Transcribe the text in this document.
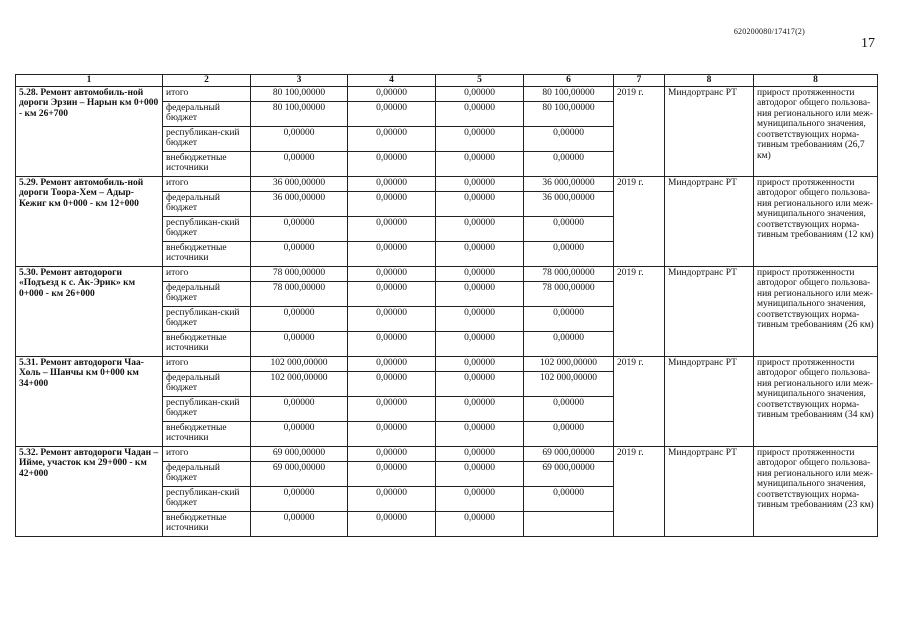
620200080/17417(2)
17
1	2	3	4	5	6	7	8	8
5.28. Ремонт автомобиль-ной дороги Эрзин – Нарын км 0+000 - км 26+700	итого	80 100,00000	0,00000	0,00000	80 100,00000	2019 г.	Миндортранс РТ	прирост протяженности автодорог общего пользова-ния регионального или меж-муниципального значения, соответствующих норма-тивным требованиям (26,7 км)
	федеральный бюджет	80 100,00000	0,00000	0,00000	80 100,00000			
	республикан-ский бюджет	0,00000	0,00000	0,00000	0,00000			
	внебюджетные источники	0,00000	0,00000	0,00000	0,00000			
5.29. Ремонт автомобиль-ной дороги Тоора-Хем – Адыр-Кежиг км 0+000 - км 12+000	итого	36 000,00000	0,00000	0,00000	36 000,00000	2019 г.	Миндортранс РТ	прирост протяженности автодорог общего пользова-ния регионального или меж-муниципального значения, соответствующих норма-тивным требованиям (12 км)
	федеральный бюджет	36 000,00000	0,00000	0,00000	36 000,00000			
	республикан-ский бюджет	0,00000	0,00000	0,00000	0,00000			
	внебюджетные источники	0,00000	0,00000	0,00000	0,00000			
5.30. Ремонт автодороги «Подъезд к с. Ак-Эрик» км 0+000 - км 26+000	итого	78 000,00000	0,00000	0,00000	78 000,00000	2019 г.	Миндортранс РТ	прирост протяженности автодорог общего пользова-ния регионального или меж-муниципального значения, соответствующих норма-тивным требованиям (26 км)
	федеральный бюджет	78 000,00000	0,00000	0,00000	78 000,00000			
	республикан-ский бюджет	0,00000	0,00000	0,00000	0,00000			
	внебюджетные источники	0,00000	0,00000	0,00000	0,00000			
5.31. Ремонт автодороги Чаа-Холь – Шанчы км 0+000 км 34+000	итого	102 000,00000	0,00000	0,00000	102 000,00000	2019 г.	Миндортранс РТ	прирост протяженности автодорог общего пользова-ния регионального или меж-муниципального значения, соответствующих норма-тивным требованиям (34 км)
	федеральный бюджет	102 000,00000	0,00000	0,00000	102 000,00000			
	республикан-ский бюджет	0,00000	0,00000	0,00000	0,00000			
	внебюджетные источники	0,00000	0,00000	0,00000	0,00000			
5.32. Ремонт автодороги Чадан – Ийме, участок км 29+000 - км 42+000	итого	69 000,00000	0,00000	0,00000	69 000,00000	2019 г.	Миндортранс РТ	прирост протяженности автодорог общего пользова-ния регионального или меж-муниципального значения, соответствующих норма-тивным требованиям (23 км)
	федеральный бюджет	69 000,00000	0,00000	0,00000	69 000,00000			
	республикан-ский бюджет	0,00000	0,00000	0,00000	0,00000			
	внебюджетные источники	0,00000	0,00000	0,00000				
